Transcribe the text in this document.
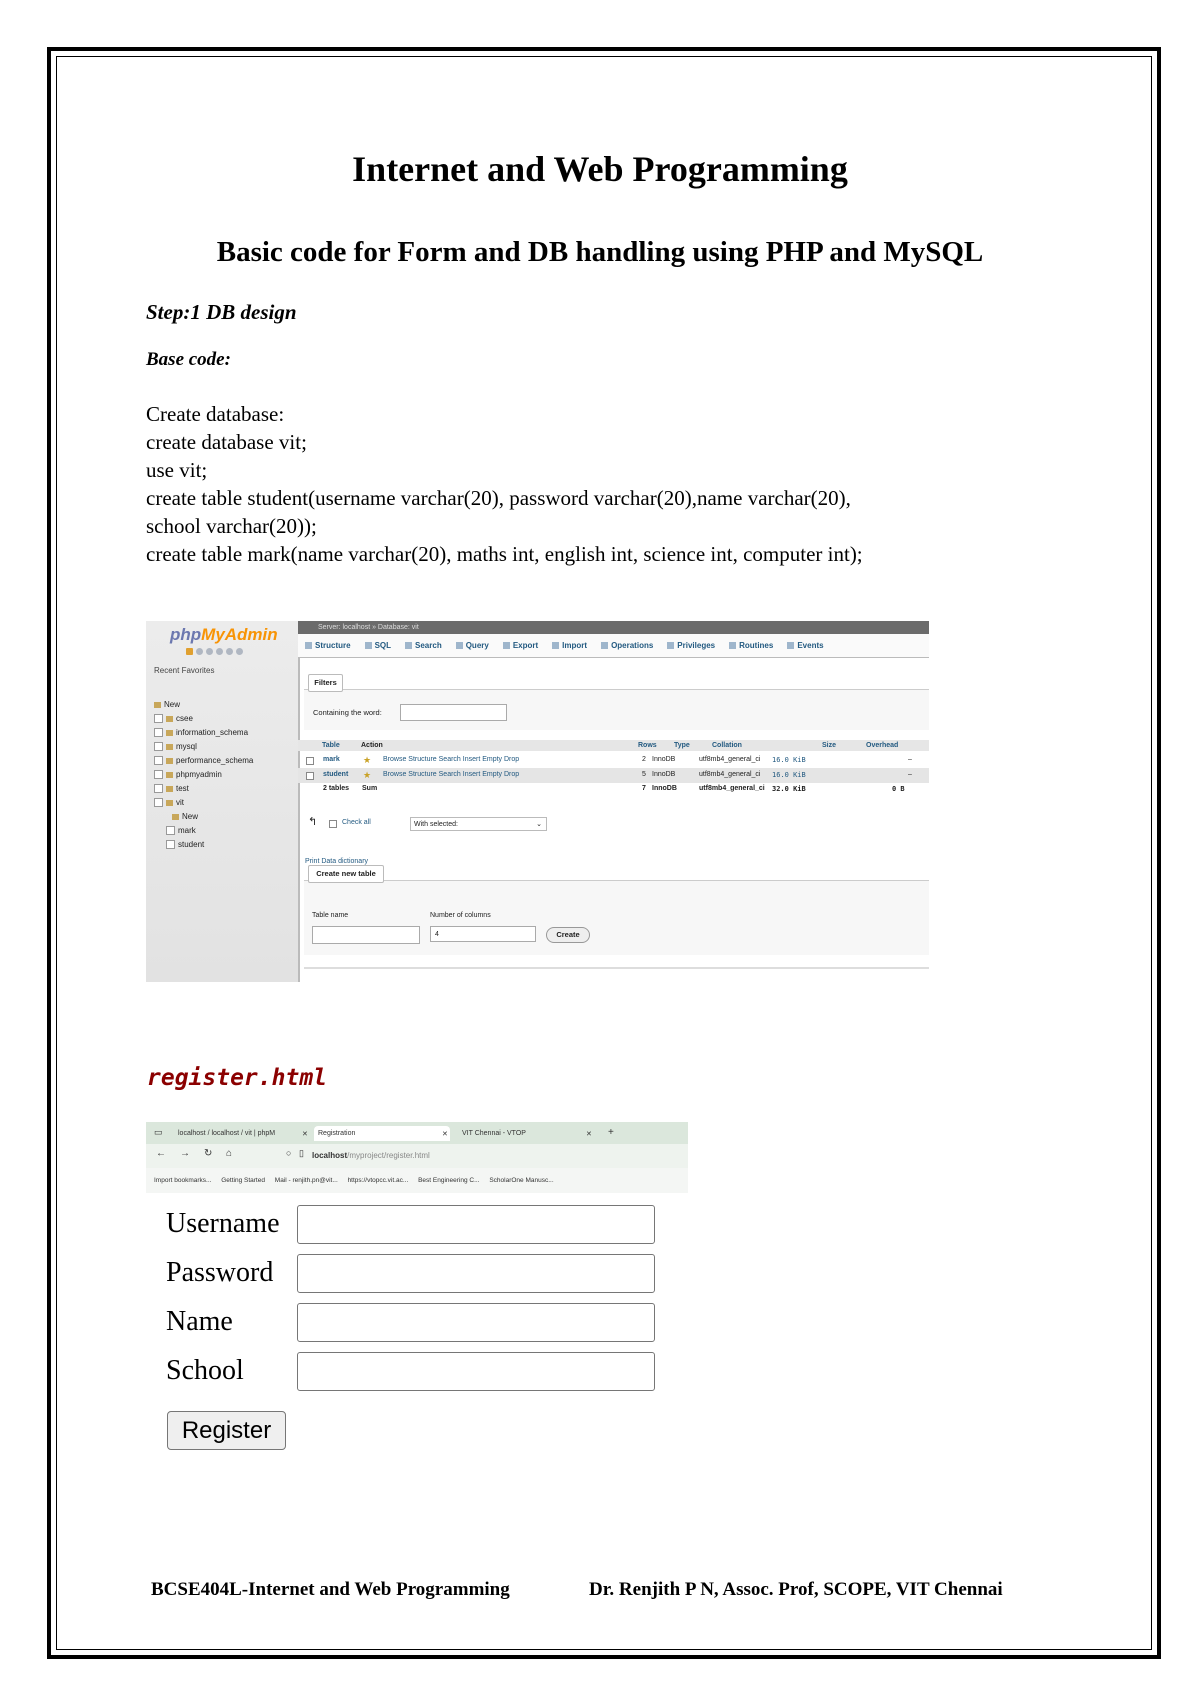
Internet and Web Programming
Basic code for Form and DB handling using PHP and MySQL
Step:1 DB design
Base code:
Create database:
create database vit;
use vit;
create table student(username varchar(20), password varchar(20),name varchar(20),
school varchar(20));
create table mark(name varchar(20), maths int, english int, science int, computer int);
phpMyAdmin
Recent Favorites
New
csee
information_schema
mysql
performance_schema
phpmyadmin
test
vit
New
mark
student
Server: localhost » Database: vit
Structure	SQL	Search	Query	Export	Import	Operations	Privileges	Routines	Events
Filters
Containing the word:
Table	Action	Rows Type	Collation	Size	Overhead
mark	★ Browse Structure Search Insert Empty Drop	2 InnoDB	utf8mb4_general_ci 16.0 KiB	–
student ★ Browse Structure Search Insert Empty Drop	5 InnoDB	utf8mb4_general_ci 16.0 KiB	–
2 tables Sum	7 InnoDB	utf8mb4_general_ci 32.0 KiB	0 B
↰	Check all	With selected:	⌄
Print Data dictionary
Create new table
Table name	Number of columns
4	Create
register.html
▭	localhost / localhost / vit | phpM	✕	Registration	✕	VIT Chennai - VTOP	✕ +
← → ↻ ⌂	○ ▯ localhost/myproject/register.html
Import bookmarks... Getting Started Mail - renjith.pn@vit... https://vtopcc.vit.ac... Best Engineering C... ScholarOne Manusc...
Username
Password
Name
School
Register
BCSE404L-Internet and Web Programming	Dr. Renjith P N, Assoc. Prof, SCOPE, VIT Chennai
